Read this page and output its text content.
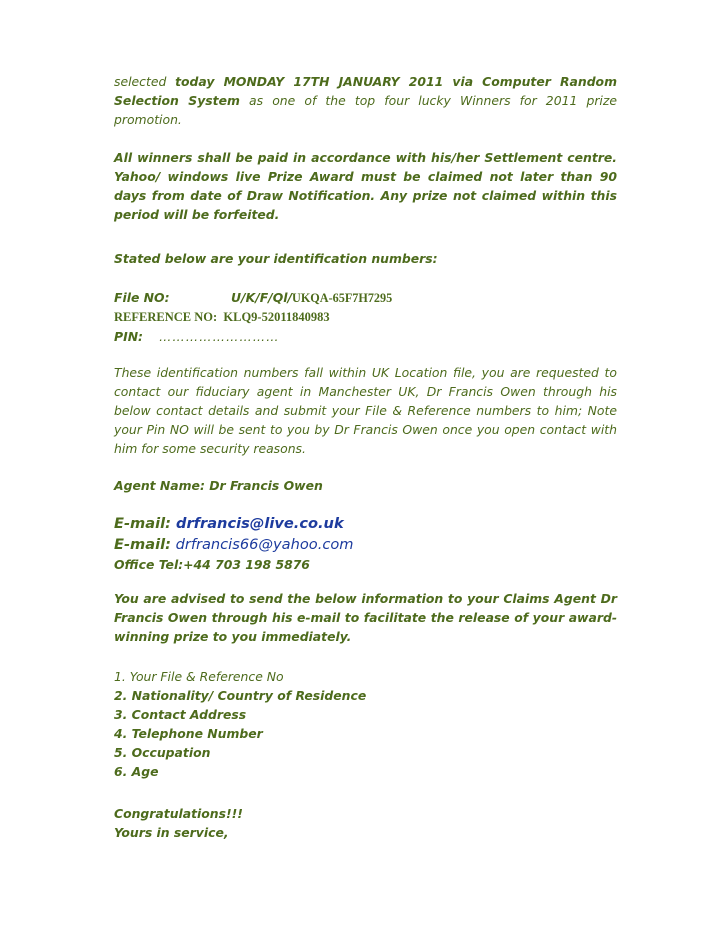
selected today MONDAY 17TH JANUARY 2011 via Computer Random Selection System as one of the top four lucky Winners for 2011 prize promotion.

All winners shall be paid in accordance with his/her Settlement centre. Yahoo/ windows live Prize Award must be claimed not later than 90 days from date of Draw Notification. Any prize not claimed within this period will be forfeited.

Stated below are your identification numbers:

File NO:	U/K/F/Ql/ UKQA-65F7H7295
REFERENCE NO:
KLQ9-52011840983
PIN:	………………………

These identification numbers fall within UK Location file, you are requested to contact our fiduciary agent in Manchester UK, Dr Francis Owen through his below contact details and submit your File & Reference numbers to him; Note your Pin NO will be sent to you by Dr Francis Owen once you open contact with him for some security reasons.

Agent Name: Dr Francis Owen

E-mail: drfrancis@live.co.uk
E-mail: drfrancis66@yahoo.com
Office Tel:+44 703 198 5876

You are advised to send the below information to your Claims Agent Dr Francis Owen through his e-mail to facilitate the release of your award-winning prize to you immediately.

1. Your File & Reference No
2. Nationality/ Country of Residence
3. Contact Address
4. Telephone Number
5. Occupation
6. Age
Congratulations!!!
Yours in service,
